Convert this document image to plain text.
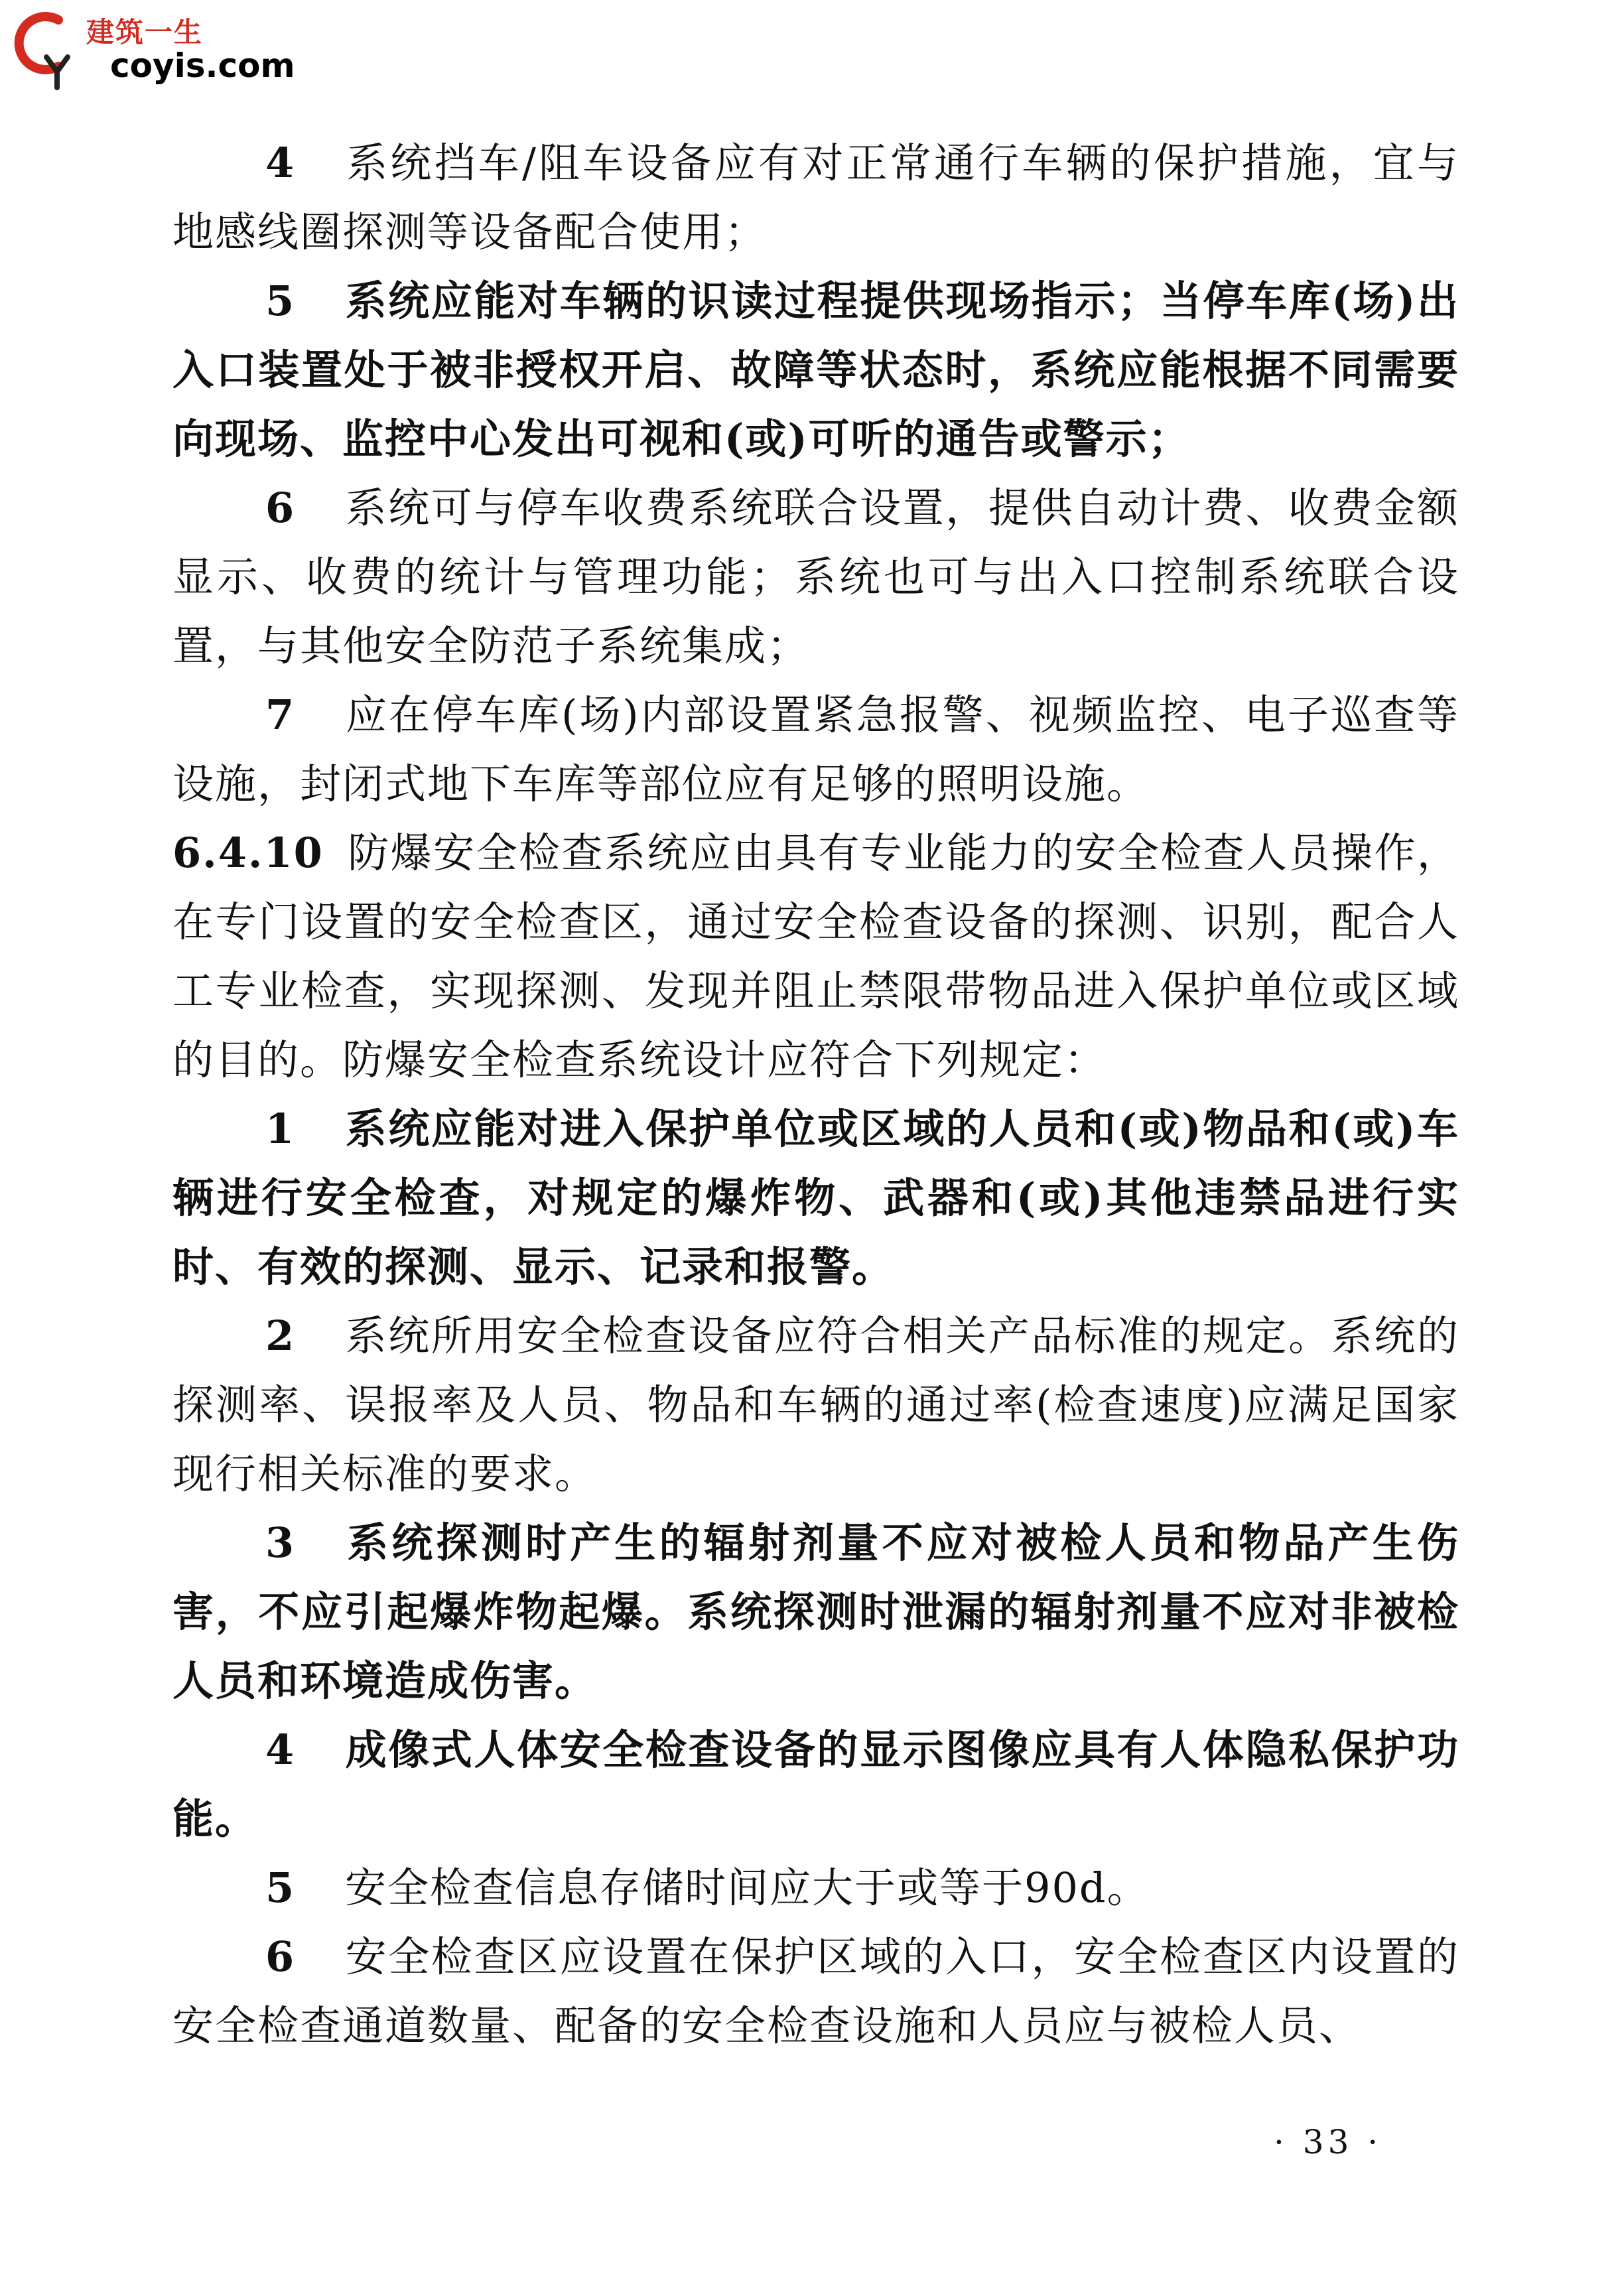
建筑一生
coyis.com

4 系统挡车/阻车设备应有对正常通行车辆的保护措施，宜与地感线圈探测等设备配合使用；

5 系统应能对车辆的识读过程提供现场指示；当停车库(场)出入口装置处于被非授权开启、故障等状态时，系统应能根据不同需要向现场、监控中心发出可视和(或)可听的通告或警示；

6 系统可与停车收费系统联合设置，提供自动计费、收费金额显示、收费的统计与管理功能；系统也可与出入口控制系统联合设置，与其他安全防范子系统集成；

7 应在停车库(场)内部设置紧急报警、视频监控、电子巡查等设施，封闭式地下车库等部位应有足够的照明设施。

6.4.10 防爆安全检查系统应由具有专业能力的安全检查人员操作，在专门设置的安全检查区，通过安全检查设备的探测、识别，配合人工专业检查，实现探测、发现并阻止禁限带物品进入保护单位或区域的目的。防爆安全检查系统设计应符合下列规定：

1 系统应能对进入保护单位或区域的人员和(或)物品和(或)车辆进行安全检查，对规定的爆炸物、武器和(或)其他违禁品进行实时、有效的探测、显示、记录和报警。

2 系统所用安全检查设备应符合相关产品标准的规定。系统的探测率、误报率及人员、物品和车辆的通过率(检查速度)应满足国家现行相关标准的要求。

3 系统探测时产生的辐射剂量不应对被检人员和物品产生伤害，不应引起爆炸物起爆。系统探测时泄漏的辐射剂量不应对非被检人员和环境造成伤害。

4 成像式人体安全检查设备的显示图像应具有人体隐私保护功能。

5 安全检查信息存储时间应大于或等于90d。

6 安全检查区应设置在保护区域的入口，安全检查区内设置的安全检查通道数量、配备的安全检查设施和人员应与被检人员、

· 33 ·
